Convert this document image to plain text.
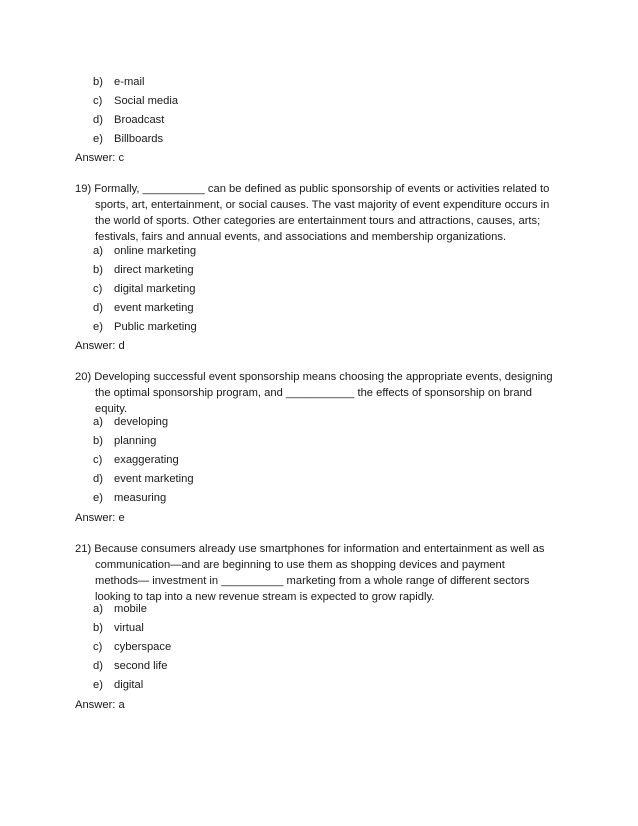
b) e-mail
c) Social media
d) Broadcast
e) Billboards
Answer: c
19) Formally, __________ can be defined as public sponsorship of events or activities related to
sports, art, entertainment, or social causes. The vast majority of event expenditure occurs in
the world of sports. Other categories are entertainment tours and attractions, causes, arts;
festivals, fairs and annual events, and associations and membership organizations.
a) online marketing
b) direct marketing
c) digital marketing
d) event marketing
e) Public marketing
Answer: d
20) Developing successful event sponsorship means choosing the appropriate events, designing
the optimal sponsorship program, and ___________ the effects of sponsorship on brand
equity.
a) developing
b) planning
c) exaggerating
d) event marketing
e) measuring
Answer: e
21) Because consumers already use smartphones for information and entertainment as well as
communication—and are beginning to use them as shopping devices and payment
methods— investment in __________ marketing from a whole range of different sectors
looking to tap into a new revenue stream is expected to grow rapidly.
a) mobile
b) virtual
c) cyberspace
d) second life
e) digital
Answer: a
